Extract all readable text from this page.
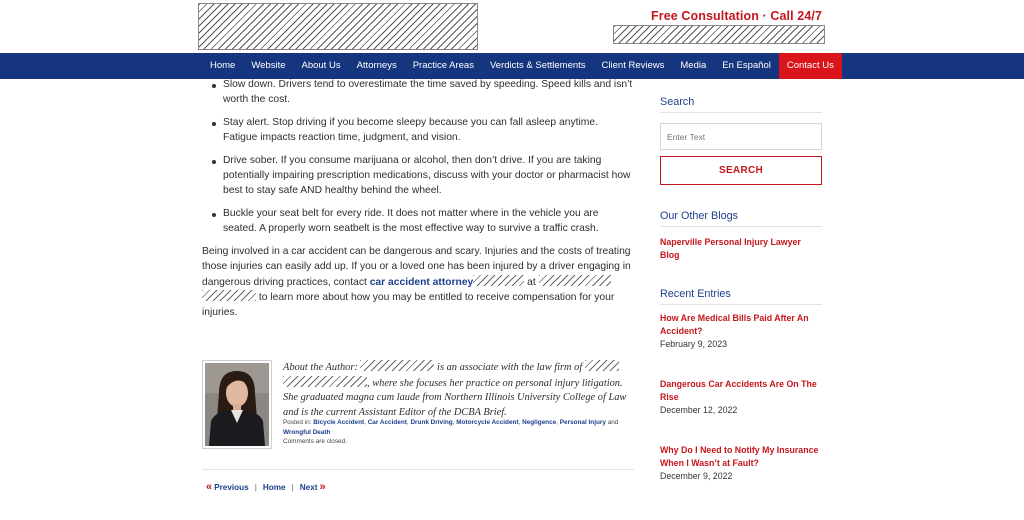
Free Consultation · Call 24/7
Home	Website	About Us	Attorneys	Practice Areas	Verdicts & Settlements	Client Reviews	Media	En Español	Contact Us
Slow down. Drivers tend to overestimate the time saved by speeding. Speed kills and isn’t worth the cost.
Stay alert. Stop driving if you become sleepy because you can fall asleep anytime. Fatigue impacts reaction time, judgment, and vision.
Drive sober. If you consume marijuana or alcohol, then don’t drive. If you are taking potentially impairing prescription medications, discuss with your doctor or pharmacist how best to stay safe AND healthy behind the wheel.
Buckle your seat belt for every ride. It does not matter where in the vehicle you are seated. A properly worn seatbelt is the most effective way to survive a traffic crash.

Being involved in a car accident can be dangerous and scary. Injuries and the costs of treating those injuries can easily add up. If you or a loved one has been injured by a driver engaging in dangerous driving practices, contact car accident attorney	at
to learn more about how you may be entitled to receive compensation for your injuries.

About the Author:	is an associate with the law firm of
, where she focuses her practice on personal injury litigation. She graduated magna cum laude from Northern Illinois University College of Law and is the current Assistant Editor of the DCBA Brief.
Posted in: Bicycle Accident, Car Accident, Drunk Driving, Motorcycle Accident, Negligence, Personal Injury and Wrongful Death
Comments are closed.
« Previous | Home | Next »
Search
Enter Text
SEARCH
Our Other Blogs
Naperville Personal Injury Lawyer Blog
Recent Entries
How Are Medical Bills Paid After An Accident?
February 9, 2023
Dangerous Car Accidents Are On The Rise
December 12, 2022
Why Do I Need to Notify My Insurance When I Wasn’t at Fault?
December 9, 2022
